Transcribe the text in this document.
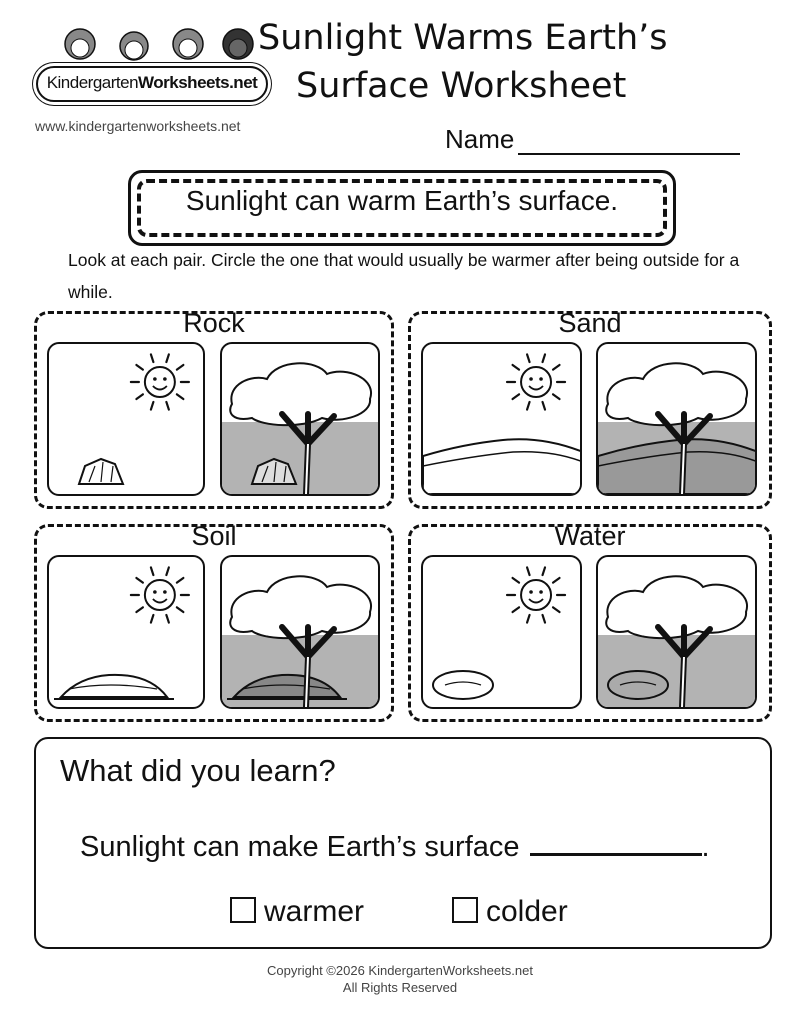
KindergartenWorksheets.net
www.kindergartenworksheets.net
Sunlight Warms Earth’s
Surface Worksheet
Name
Sunlight can warm Earth’s surface.
Look at each pair. Circle the one that would usually be warmer after being outside for a while.
Rock	Sand
Soil	Water
What did you learn?
Sunlight can make Earth’s surface	.
warmer	colder
Copyright ©2026 KindergartenWorksheets.net
All Rights Reserved
